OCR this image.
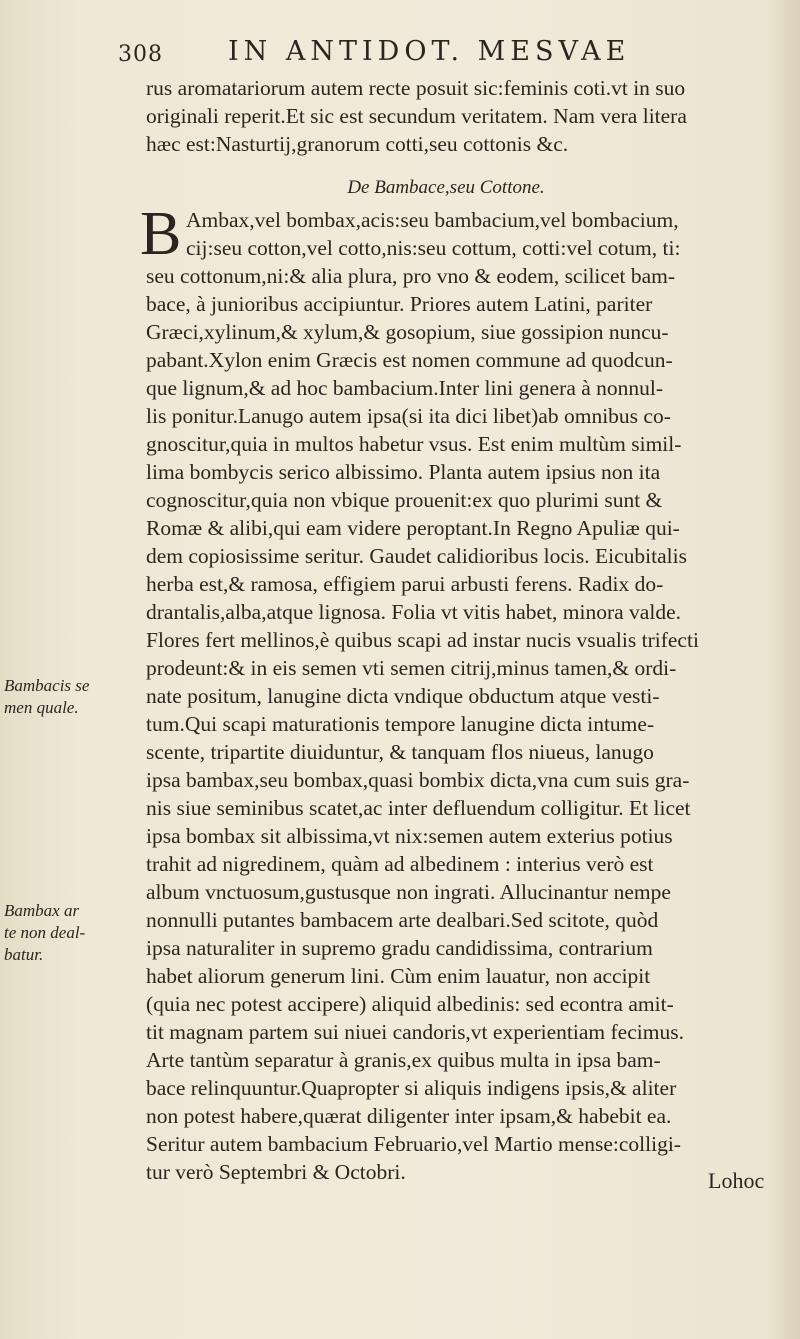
308 IN ANTIDOT. MESVAE
rus aromatariorum autem recte posuit sic:feminis coti.vt in suo
originali reperit.Et sic est secundum veritatem. Nam vera litera
hæc est:Nasturtij,granorum cotti,seu cottonis &c.
De Bambace,seu Cottone.
B Ambax,vel bombax,acis:seu bambacium,vel bombacium,
cij:seu cotton,vel cotto,nis:seu cottum, cotti:vel cotum, ti:
seu cottonum,ni:& alia plura, pro vno & eodem, scilicet bam-
bace, à junioribus accipiuntur. Priores autem Latini, pariter
Græci,xylinum,& xylum,& gosopium, siue gossipion nuncu-
pabant.Xylon enim Græcis est nomen commune ad quodcun-
que lignum,& ad hoc bambacium.Inter lini genera à nonnul-
lis ponitur.Lanugo autem ipsa(si ita dici libet)ab omnibus co-
gnoscitur,quia in multos habetur vsus. Est enim multùm simil-
lima bombycis serico albissimo. Planta autem ipsius non ita
cognoscitur,quia non vbique prouenit:ex quo plurimi sunt &
Romæ & alibi,qui eam videre peroptant.In Regno Apuliæ qui-
dem copiosissime seritur. Gaudet calidioribus locis. Eicubitalis
herba est,& ramosa, effigiem parui arbusti ferens. Radix do-
drantalis,alba,atque lignosa. Folia vt vitis habet, minora valde.
Flores fert mellinos,è quibus scapi ad instar nucis vsualis trifecti
prodeunt:& in eis semen vti semen citrij,minus tamen,& ordi-
nate positum, lanugine dicta vndique obductum atque vesti-
tum.Qui scapi maturationis tempore lanugine dicta intume-
scente, tripartite diuiduntur, & tanquam flos niueus, lanugo
ipsa bambax,seu bombax,quasi bombix dicta,vna cum suis gra-
nis siue seminibus scatet,ac inter defluendum colligitur. Et licet
ipsa bombax sit albissima,vt nix:semen autem exterius potius
trahit ad nigredinem, quàm ad albedinem : interius verò est
album vnctuosum,gustusque non ingrati. Allucinantur nempe
nonnulli putantes bambacem arte dealbari.Sed scitote, quòd
ipsa naturaliter in supremo gradu candidissima, contrarium
habet aliorum generum lini. Cùm enim lauatur, non accipit
(quia nec potest accipere) aliquid albedinis: sed econtra amit-
tit magnam partem sui niuei candoris,vt experientiam fecimus.
Arte tantùm separatur à granis,ex quibus multa in ipsa bam-
bace relinquuntur.Quapropter si aliquis indigens ipsis,& aliter
non potest habere,quærat diligenter inter ipsam,& habebit ea.
Seritur autem bambacium Februario,vel Martio mense:colligi-
tur verò Septembri & Octobri.
Bambacis se
men quale.
Bambax ar
te non deal-
batur.
Lohoc
